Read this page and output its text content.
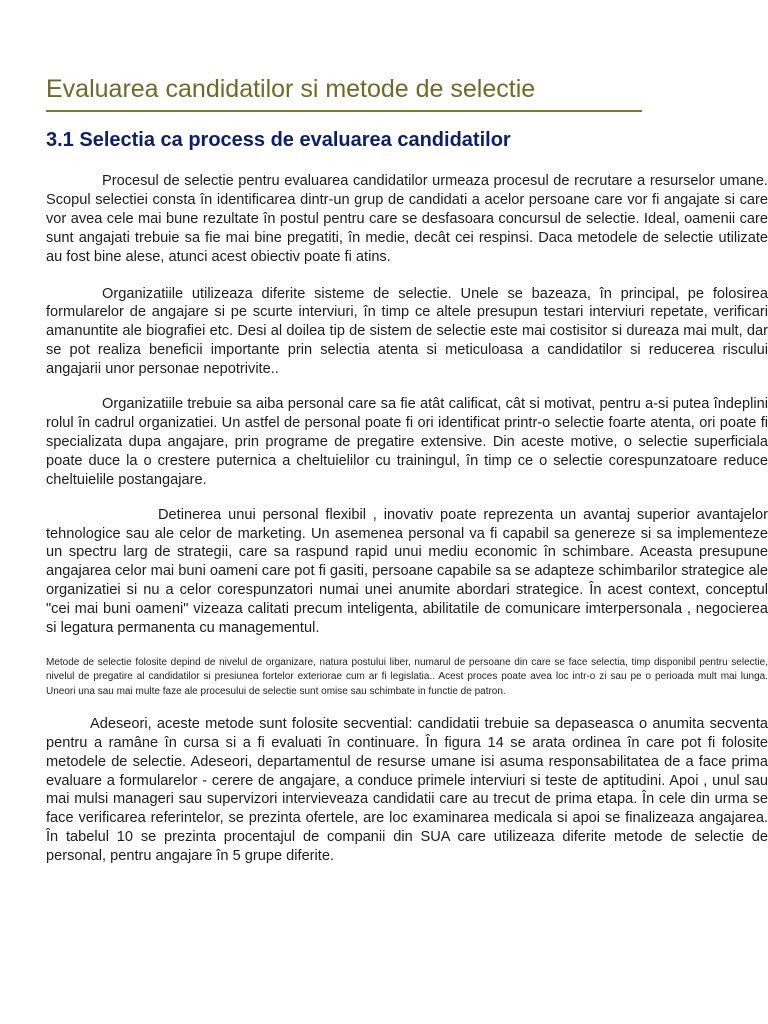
Evaluarea candidatilor si metode de selectie
3.1 Selectia ca process de evaluarea candidatilor

Procesul de selectie pentru evaluarea candidatilor urmeaza procesul de recrutare a resurselor umane. Scopul selectiei consta în identificarea dintr-un grup de candidati a acelor persoane care vor fi angajate si care vor avea cele mai bune rezultate în postul pentru care se desfasoara concursul de selectie. Ideal, oamenii care sunt angajati trebuie sa fie mai bine pregatiti, în medie, decât cei respinsi. Daca metodele de selectie utilizate au fost bine alese, atunci acest obiectiv poate fi atins.

Organizatiile utilizeaza diferite sisteme de selectie. Unele se bazeaza, în principal, pe folosirea formularelor de angajare si pe scurte interviuri, în timp ce altele presupun testari interviuri repetate, verificari amanuntite ale biografiei etc. Desi al doilea tip de sistem de selectie este mai costisitor si dureaza mai mult, dar se pot realiza beneficii importante prin selectia atenta si meticuloasa a candidatilor si reducerea riscului angajarii unor personae nepotrivite..

Organizatiile trebuie sa aiba personal care sa fie atât calificat, cât si motivat, pentru a-si putea îndeplini rolul în cadrul organizatiei. Un astfel de personal poate fi ori identificat printr-o selectie foarte atenta, ori poate fi specializata dupa angajare, prin programe de pregatire extensive. Din aceste motive, o selectie superficiala poate duce la o crestere puternica a cheltuielilor cu trainingul, în timp ce o selectie corespunzatoare reduce cheltuielile postangajare.

Detinerea unui personal flexibil , inovativ poate reprezenta un avantaj superior avantajelor tehnologice sau ale celor de marketing. Un asemenea personal va fi capabil sa genereze si sa implementeze un spectru larg de strategii, care sa raspund rapid unui mediu economic în schimbare. Aceasta presupune angajarea celor mai buni oameni care pot fi gasiti, persoane capabile sa se adapteze schimbarilor strategice ale organizatiei si nu a celor corespunzatori numai unei anumite abordari strategice. În acest context, conceptul "cei mai buni oameni" vizeaza calitati precum inteligenta, abilitatile de comunicare imterpersonala , negocierea si legatura permanenta cu managementul.

Metode de selectie folosite depind de nivelul de organizare, natura postului liber, numarul de persoane din care se face selectia, timp disponibil pentru selectie, nivelul de pregatire al candidatilor si presiunea fortelor exteriorae cum ar fi legislatia.. Acest proces poate avea loc intr-o zi sau pe o perioada mult mai lunga. Uneori una sau mai multe faze ale procesului de selectie sunt omise sau schimbate in functie de patron.

Adeseori, aceste metode sunt folosite secvential: candidatii trebuie sa depaseasca o anumita secventa pentru a ramâne în cursa si a fi evaluati în continuare. În figura 14 se arata ordinea în care pot fi folosite metodele de selectie. Adeseori, departamentul de resurse umane isi asuma responsabilitatea de a face prima evaluare a formularelor - cerere de angajare, a conduce primele interviuri si teste de aptitudini. Apoi , unul sau mai mulsi manageri sau supervizori intervieveaza candidatii care au trecut de prima etapa. În cele din urma se face verificarea referintelor, se prezinta ofertele, are loc examinarea medicala si apoi se finalizeaza angajarea. În tabelul 10 se prezinta procentajul de companii din SUA care utilizeaza diferite metode de selectie de personal, pentru angajare în 5 grupe diferite.
